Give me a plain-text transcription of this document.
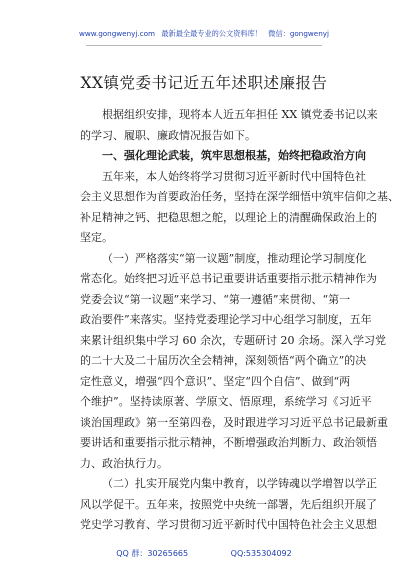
www.gongwenyj.com 最新最全最专业的公文资料库！ 微信：gongwenyj
XX镇党委书记近五年述职述廉报告
根据组织安排，现将本人近五年担任 XX 镇党委书记以来
的学习、履职、廉政情况报告如下。
一、强化理论武装，筑牢思想根基，始终把稳政治方向
五年来，本人始终将学习贯彻习近平新时代中国特色社
会主义思想作为首要政治任务，坚持在深学细悟中筑牢信仰之基、
补足精神之钙、把稳思想之舵，以理论上的清醒确保政治上的
坚定。
（一）严格落实“第一议题”制度，推动理论学习制度化
常态化。始终把习近平总书记重要讲话重要指示批示精神作为
党委会议“第一议题”来学习、“第一遵循”来贯彻、“第一
政治要件”来落实。坚持党委理论学习中心组学习制度，五年
来累计组织集中学习 60 余次，专题研讨 20 余场。深入学习党
的二十大及二十届历次全会精神，深刻领悟“两个确立”的决
定性意义，增强“四个意识”、坚定“四个自信”、做到“两
个维护”。坚持读原著、学原文、悟原理，系统学习《习近平
谈治国理政》第一至第四卷，及时跟进学习习近平总书记最新重
要讲话和重要指示批示精神，不断增强政治判断力、政治领悟
力、政治执行力。
（二）扎实开展党内集中教育，以学铸魂以学增智以学正
风以学促干。五年来，按照党中央统一部署，先后组织开展了
党史学习教育、学习贯彻习近平新时代中国特色社会主义思想
QQ 群：30265665	QQ:535304092
